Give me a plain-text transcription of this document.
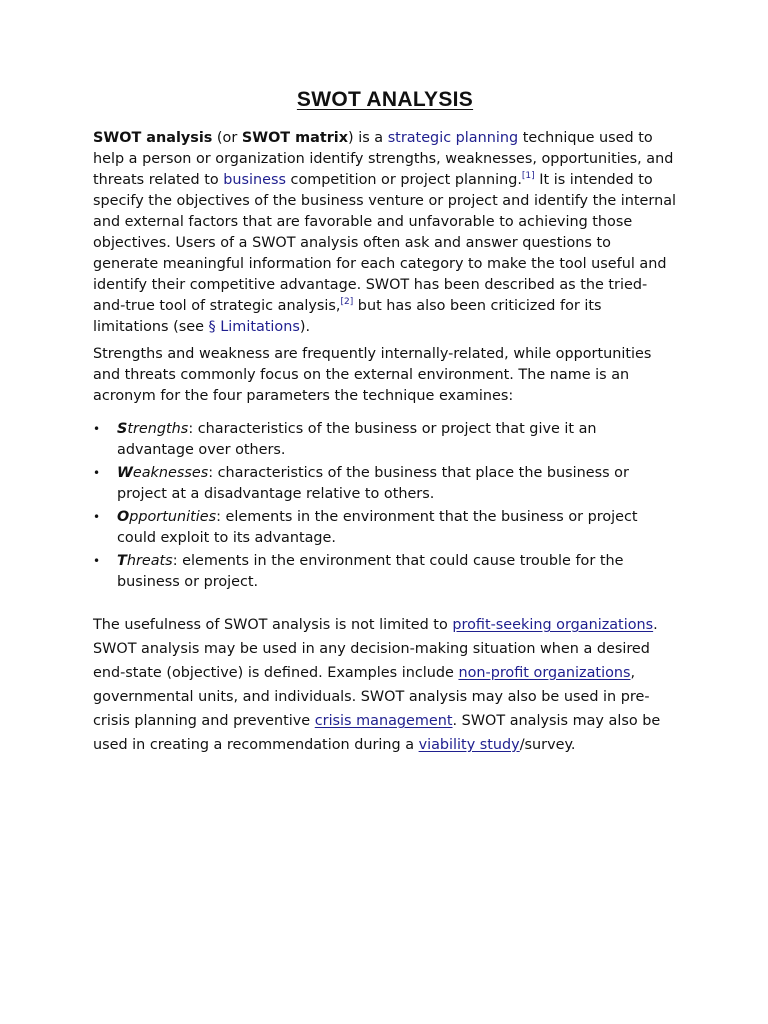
SWOT ANALYSIS

SWOT analysis (or SWOT matrix) is a strategic planning technique used to help a person or organization identify strengths, weaknesses, opportunities, and threats related to business competition or project planning.[1] It is intended to specify the objectives of the business venture or project and identify the internal and external factors that are favorable and unfavorable to achieving those objectives. Users of a SWOT analysis often ask and answer questions to generate meaningful information for each category to make the tool useful and identify their competitive advantage. SWOT has been described as the tried-and-true tool of strategic analysis,[2] but has also been criticized for its limitations (see § Limitations).

Strengths and weakness are frequently internally-related, while opportunities and threats commonly focus on the external environment. The name is an acronym for the four parameters the technique examines:

• Strengths: characteristics of the business or project that give it an advantage over others.
• Weaknesses: characteristics of the business that place the business or project at a disadvantage relative to others.
• Opportunities: elements in the environment that the business or project could exploit to its advantage.
• Threats: elements in the environment that could cause trouble for the business or project.

The usefulness of SWOT analysis is not limited to profit-seeking organizations. SWOT analysis may be used in any decision-making situation when a desired end-state (objective) is defined. Examples include non-profit organizations, governmental units, and individuals. SWOT analysis may also be used in pre-crisis planning and preventive crisis management. SWOT analysis may also be used in creating a recommendation during a viability study/survey.
